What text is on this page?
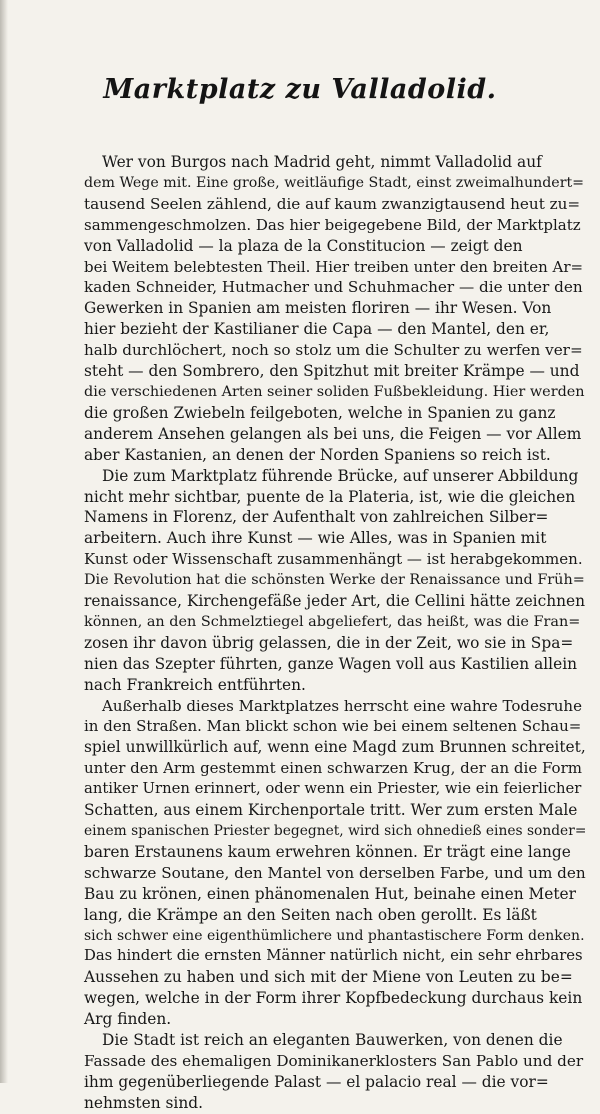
Marktplatz zu Valladolid.

Wer von Burgos nach Madrid geht, nimmt Valladolid auf
dem Wege mit. Eine große, weitläufige Stadt, einst zweimalhundert=
tausend Seelen zählend, die auf kaum zwanzigtausend heut zu=
sammengeschmolzen. Das hier beigegebene Bild, der Marktplatz
von Valladolid — la plaza de la Constitucion — zeigt den
bei Weitem belebtesten Theil. Hier treiben unter den breiten Ar=
kaden Schneider, Hutmacher und Schuhmacher — die unter den
Gewerken in Spanien am meisten floriren — ihr Wesen. Von
hier bezieht der Kastilianer die Capa — den Mantel, den er,
halb durchlöchert, noch so stolz um die Schulter zu werfen ver=
steht — den Sombrero, den Spitzhut mit breiter Krämpe — und
die verschiedenen Arten seiner soliden Fußbekleidung. Hier werden
die großen Zwiebeln feilgeboten, welche in Spanien zu ganz
anderem Ansehen gelangen als bei uns, die Feigen — vor Allem
aber Kastanien, an denen der Norden Spaniens so reich ist.

Die zum Marktplatz führende Brücke, auf unserer Abbildung
nicht mehr sichtbar, puente de la Plateria, ist, wie die gleichen
Namens in Florenz, der Aufenthalt von zahlreichen Silber=
arbeitern. Auch ihre Kunst — wie Alles, was in Spanien mit
Kunst oder Wissenschaft zusammenhängt — ist herabgekommen.
Die Revolution hat die schönsten Werke der Renaissance und Früh=
renaissance, Kirchengefäße jeder Art, die Cellini hätte zeichnen
können, an den Schmelztiegel abgeliefert, das heißt, was die Fran=
zosen ihr davon übrig gelassen, die in der Zeit, wo sie in Spa=
nien das Szepter führten, ganze Wagen voll aus Kastilien allein
nach Frankreich entführten.

Außerhalb dieses Marktplatzes herrscht eine wahre Todesruhe
in den Straßen. Man blickt schon wie bei einem seltenen Schau=
spiel unwillkürlich auf, wenn eine Magd zum Brunnen schreitet,
unter den Arm gestemmt einen schwarzen Krug, der an die Form
antiker Urnen erinnert, oder wenn ein Priester, wie ein feierlicher
Schatten, aus einem Kirchenportale tritt. Wer zum ersten Male
einem spanischen Priester begegnet, wird sich ohnedieß eines sonder=
baren Erstaunens kaum erwehren können. Er trägt eine lange
schwarze Soutane, den Mantel von derselben Farbe, und um den
Bau zu krönen, einen phänomenalen Hut, beinahe einen Meter
lang, die Krämpe an den Seiten nach oben gerollt. Es läßt
sich schwer eine eigenthümlichere und phantastischere Form denken.
Das hindert die ernsten Männer natürlich nicht, ein sehr ehrbares
Aussehen zu haben und sich mit der Miene von Leuten zu be=
wegen, welche in der Form ihrer Kopfbedeckung durchaus kein
Arg finden.

Die Stadt ist reich an eleganten Bauwerken, von denen die
Fassade des ehemaligen Dominikanerklosters San Pablo und der
ihm gegenüberliegende Palast — el palacio real — die vor=
nehmsten sind.
